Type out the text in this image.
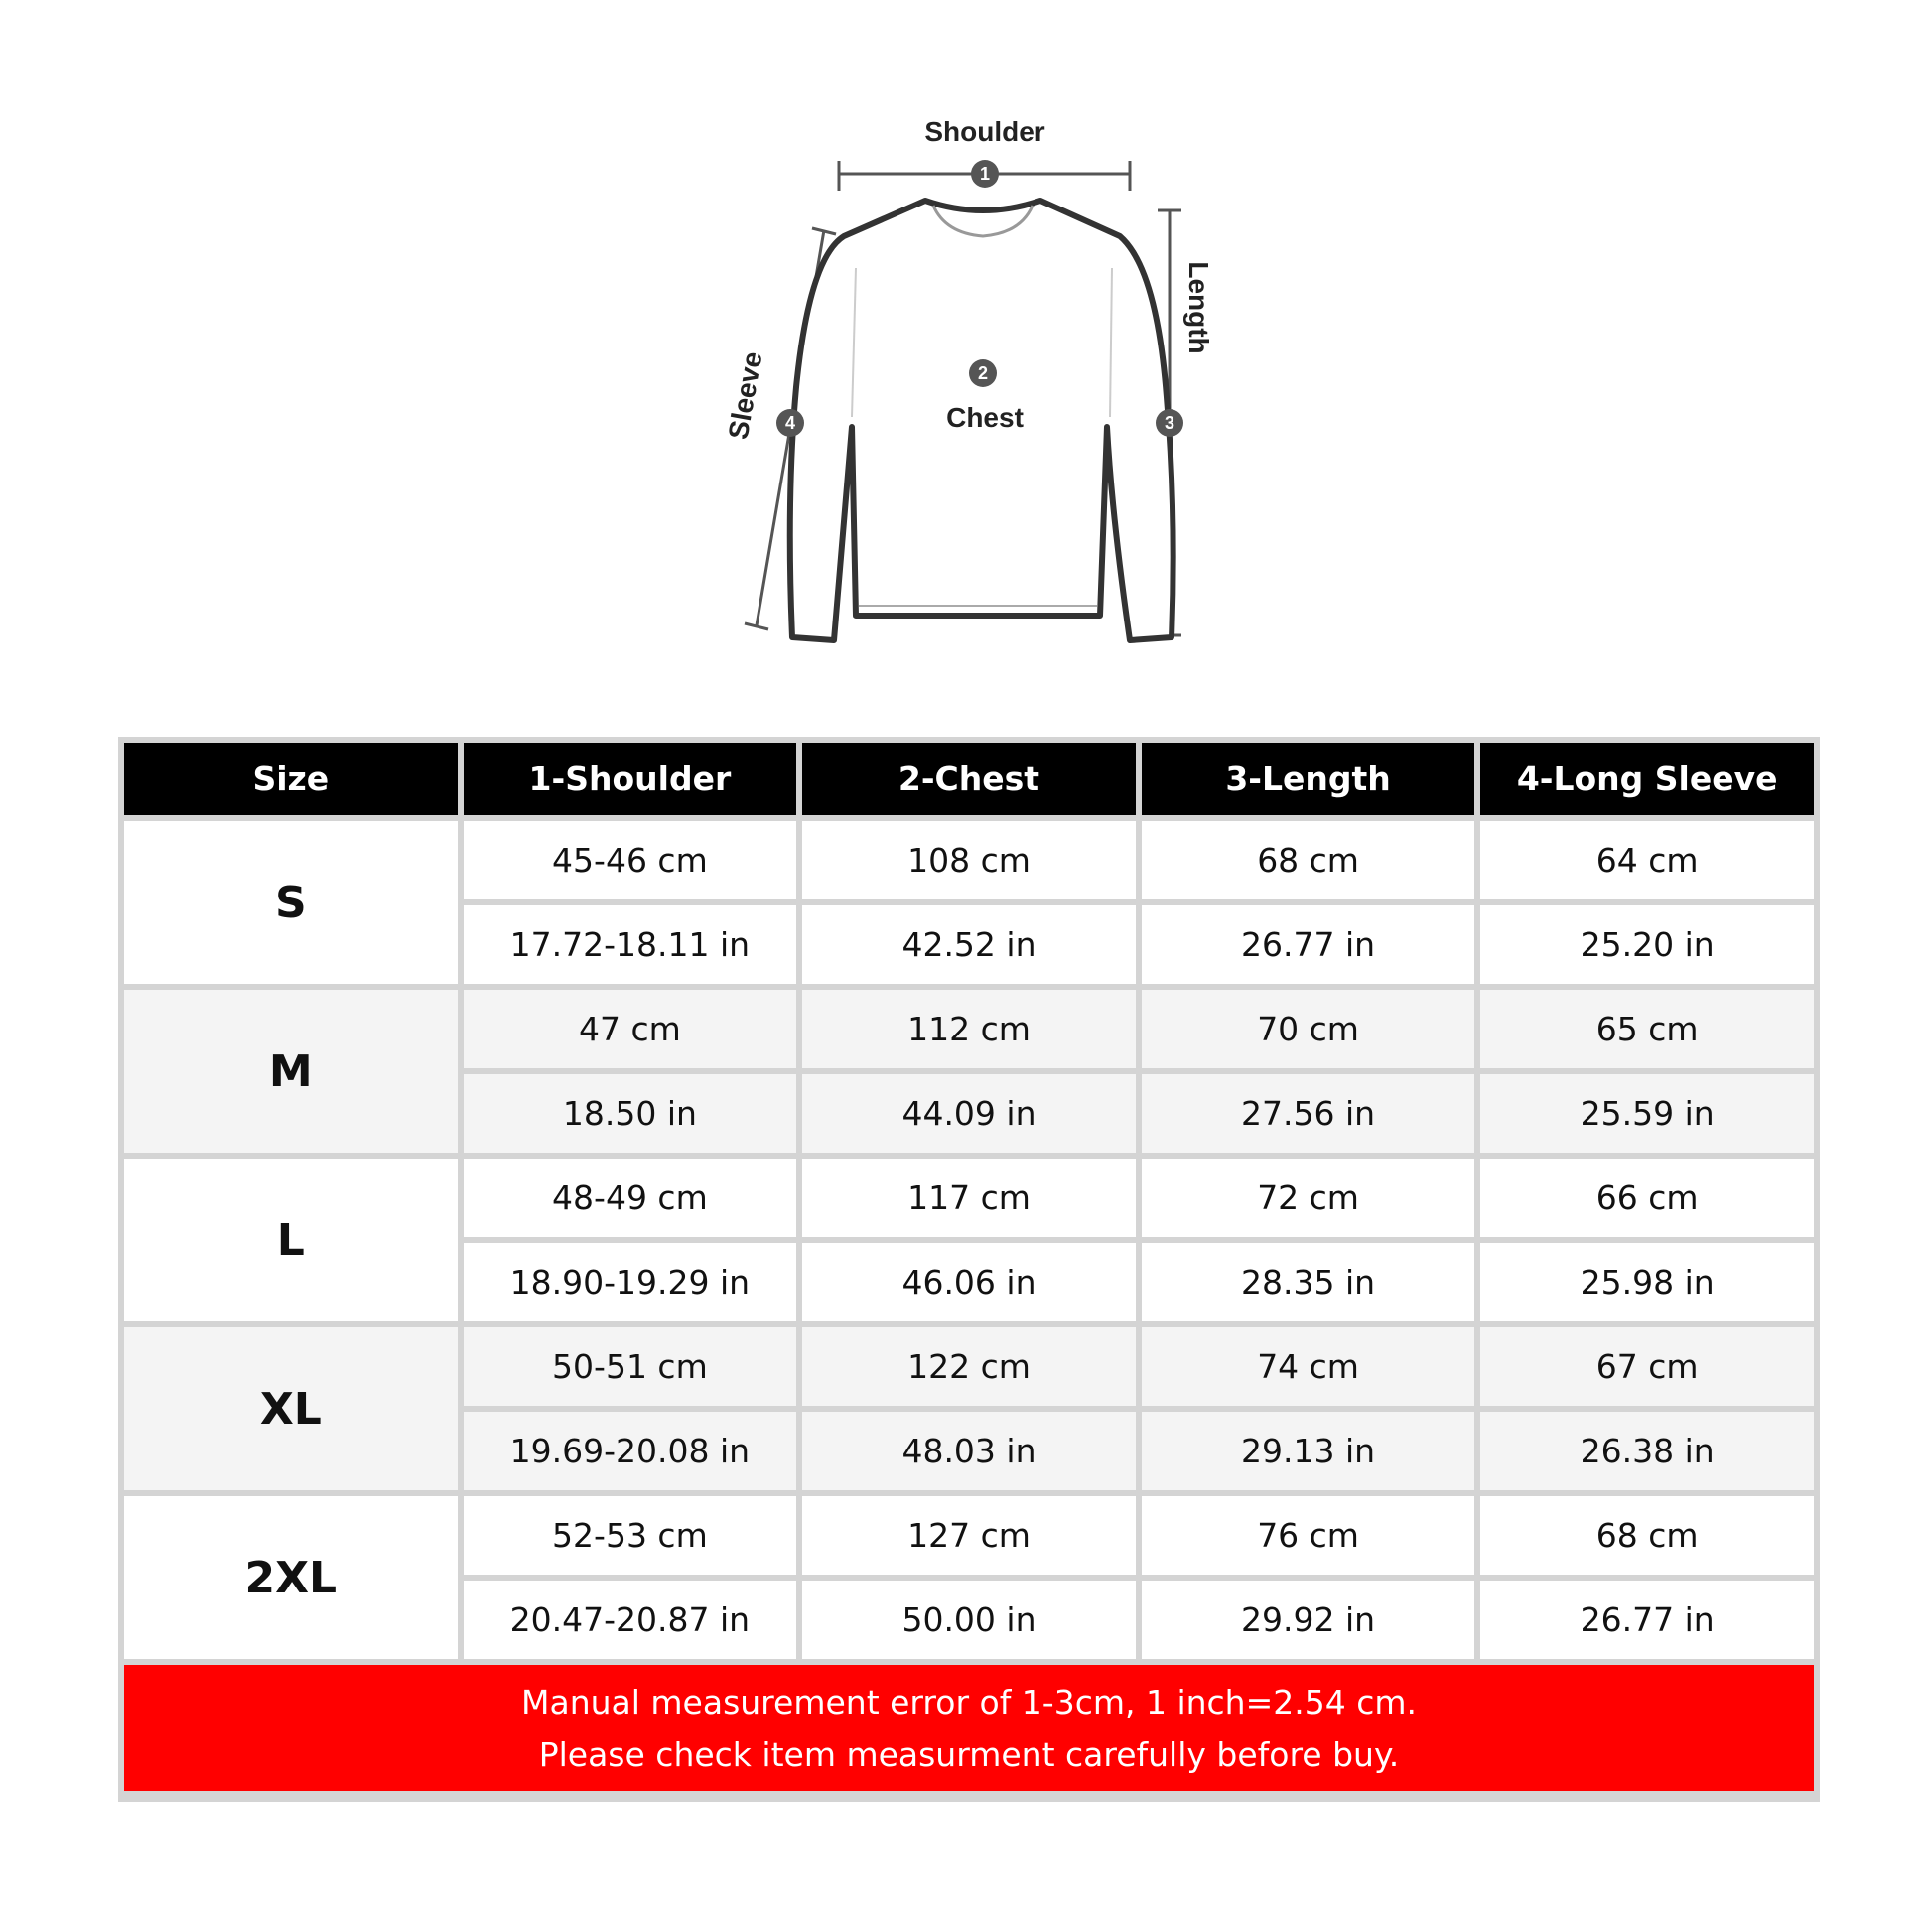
1
2
3
4
Shoulder
Chest
Length
Sleeve
Size	1-Shoulder	2-Chest	3-Length	4-Long Sleeve
S	45-46 cm	108 cm	68 cm	64 cm
	17.72-18.11 in	42.52 in	26.77 in	25.20 in
M	47 cm	112 cm	70 cm	65 cm
	18.50 in	44.09 in	27.56 in	25.59 in
L	48-49 cm	117 cm	72 cm	66 cm
	18.90-19.29 in	46.06 in	28.35 in	25.98 in
XL	50-51 cm	122 cm	74 cm	67 cm
	19.69-20.08 in	48.03 in	29.13 in	26.38 in
2XL	52-53 cm	127 cm	76 cm	68 cm
	20.47-20.87 in	50.00 in	29.92 in	26.77 in

Manual measurement error of 1-3cm, 1 inch=2.54 cm.
Please check item measurment carefully before buy.				
